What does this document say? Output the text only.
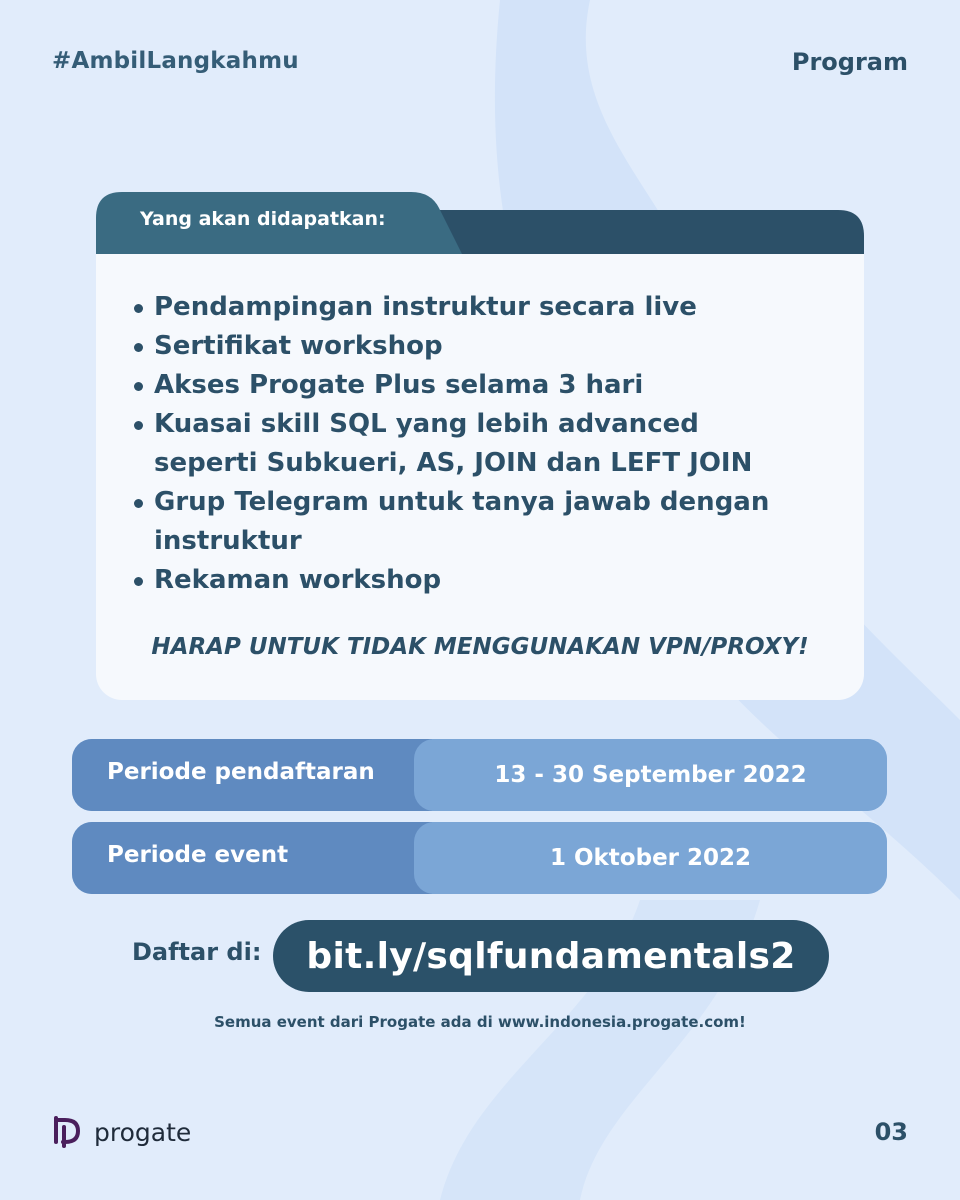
#AmbilLangkahmu	Program
Yang akan didapatkan:
Pendampingan instruktur secara live
Sertifikat workshop
Akses Progate Plus selama 3 hari
Kuasai skill SQL yang lebih advanced seperti Subkueri, AS, JOIN dan LEFT JOIN
Grup Telegram untuk tanya jawab dengan instruktur
Rekaman workshop
HARAP UNTUK TIDAK MENGGUNAKAN VPN/PROXY!
Periode pendaftaran	13 - 30 September 2022
Periode event	1 Oktober 2022
Daftar di:	bit.ly/sqlfundamentals2
Semua event dari Progate ada di www.indonesia.progate.com!
progate	03
